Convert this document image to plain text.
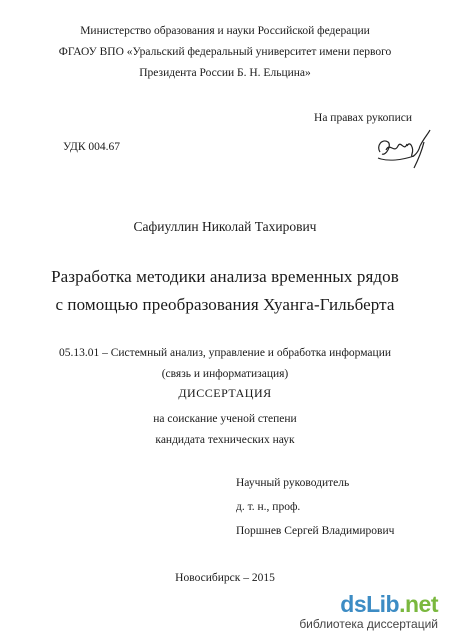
Министерство образования и науки Российской федерации
ФГАОУ ВПО «Уральский федеральный университет имени первого
Президента России Б. Н. Ельцина»
На правах рукописи
УДК 004.67
Сафиуллин Николай Тахирович
Разработка методики анализа временных рядов
с помощью преобразования Хуанга-Гильберта
05.13.01 – Системный анализ, управление и обработка информации
(связь и информатизация)
ДИССЕРТАЦИЯ
на соискание ученой степени
кандидата технических наук
Научный руководитель
д. т. н., проф.
Поршнев Сергей Владимирович
Новосибирск – 2015
dsLib.net
библиотека диссертаций
